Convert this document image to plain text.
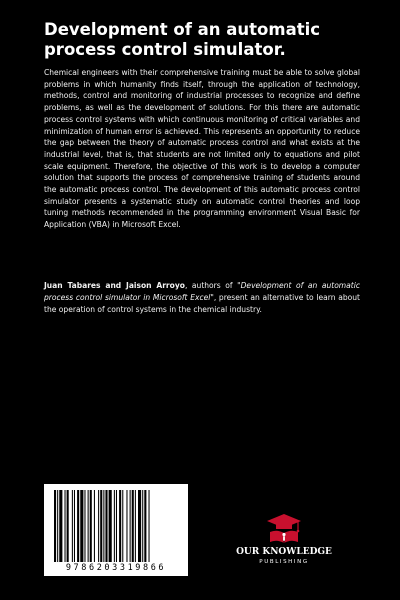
Development of an automatic process control simulator.

Chemical engineers with their comprehensive training must be able to solve global problems in which humanity finds itself, through the application of technology, methods, control and monitoring of industrial processes to recognize and define problems, as well as the development of solutions. For this there are automatic process control systems with which continuous monitoring of critical variables and minimization of human error is achieved. This represents an opportunity to reduce the gap between the theory of automatic process control and what exists at the industrial level, that is, that students are not limited only to equations and pilot scale equipment. Therefore, the objective of this work is to develop a computer solution that supports the process of comprehensive training of students around the automatic process control. The development of this automatic process control simulator presents a systematic study on automatic control theories and loop tuning methods recommended in the programming environment Visual Basic for Application (VBA) in Microsoft Excel.

Juan Tabares and Jaison Arroyo, authors of "Development of an automatic process control simulator in Microsoft Excel", present an alternative to learn about the operation of control systems in the chemical industry.

9786203319866
OUR KNOWLEDGE
PUBLISHING
